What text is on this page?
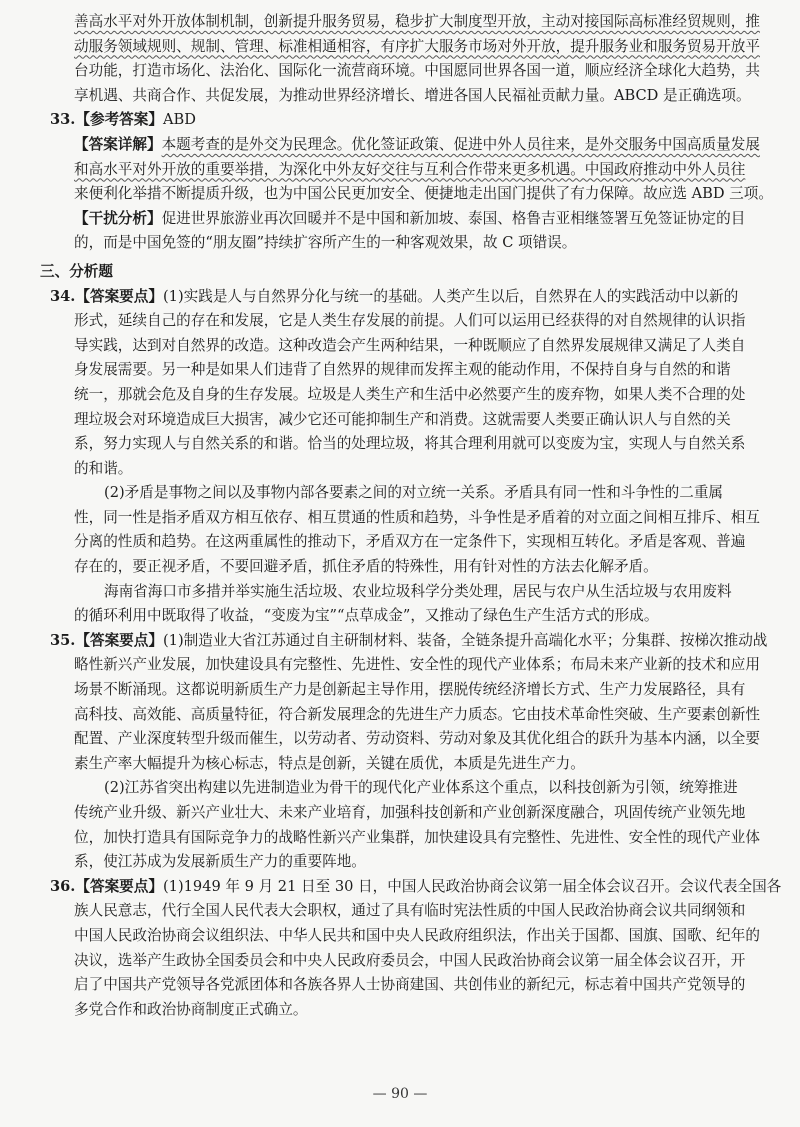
善高水平对外开放体制机制，创新提升服务贸易，稳步扩大制度型开放，主动对接国际高标准经贸规则，推
动服务领域规则、规制、管理、标准相通相容，有序扩大服务市场对外开放，提升服务业和服务贸易开放平
台功能，打造市场化、法治化、国际化一流营商环境。中国愿同世界各国一道，顺应经济全球化大趋势，共
享机遇、共商合作、共促发展，为推动世界经济增长、增进各国人民福祉贡献力量。ABCD 是正确选项。
33.【参考答案】ABD
【答案详解】本题考查的是外交为民理念。优化签证政策、促进中外人员往来，是外交服务中国高质量发展
和高水平对外开放的重要举措，为深化中外友好交往与互利合作带来更多机遇。中国政府推动中外人员往
来便利化举措不断提质升级，也为中国公民更加安全、便捷地走出国门提供了有力保障。故应选 ABD 三项。
【干扰分析】促进世界旅游业再次回暖并不是中国和新加坡、泰国、格鲁吉亚相继签署互免签证协定的目
的，而是中国免签的“朋友圈”持续扩容所产生的一种客观效果，故 C 项错误。
三、分析题
34.【答案要点】(1)实践是人与自然界分化与统一的基础。人类产生以后，自然界在人的实践活动中以新的
形式，延续自己的存在和发展，它是人类生存发展的前提。人们可以运用已经获得的对自然规律的认识指
导实践，达到对自然界的改造。这种改造会产生两种结果，一种既顺应了自然界发展规律又满足了人类自
身发展需要。另一种是如果人们违背了自然界的规律而发挥主观的能动作用，不保持自身与自然的和谐
统一，那就会危及自身的生存发展。垃圾是人类生产和生活中必然要产生的废弃物，如果人类不合理的处
理垃圾会对环境造成巨大损害，减少它还可能抑制生产和消费。这就需要人类要正确认识人与自然的关
系，努力实现人与自然关系的和谐。恰当的处理垃圾，将其合理利用就可以变废为宝，实现人与自然关系
的和谐。
(2)矛盾是事物之间以及事物内部各要素之间的对立统一关系。矛盾具有同一性和斗争性的二重属
性，同一性是指矛盾双方相互依存、相互贯通的性质和趋势，斗争性是矛盾着的对立面之间相互排斥、相互
分离的性质和趋势。在这两重属性的推动下，矛盾双方在一定条件下，实现相互转化。矛盾是客观、普遍
存在的，要正视矛盾，不要回避矛盾，抓住矛盾的特殊性，用有针对性的方法去化解矛盾。
海南省海口市多措并举实施生活垃圾、农业垃圾科学分类处理，居民与农户从生活垃圾与农用废料
的循环利用中既取得了收益，“变废为宝”“点草成金”，又推动了绿色生产生活方式的形成。
35.【答案要点】(1)制造业大省江苏通过自主研制材料、装备，全链条提升高端化水平；分集群、按梯次推动战
略性新兴产业发展，加快建设具有完整性、先进性、安全性的现代产业体系；布局未来产业新的技术和应用
场景不断涌现。这都说明新质生产力是创新起主导作用，摆脱传统经济增长方式、生产力发展路径，具有
高科技、高效能、高质量特征，符合新发展理念的先进生产力质态。它由技术革命性突破、生产要素创新性
配置、产业深度转型升级而催生，以劳动者、劳动资料、劳动对象及其优化组合的跃升为基本内涵，以全要
素生产率大幅提升为核心标志，特点是创新，关键在质优，本质是先进生产力。
(2)江苏省突出构建以先进制造业为骨干的现代化产业体系这个重点，以科技创新为引领，统筹推进
传统产业升级、新兴产业壮大、未来产业培育，加强科技创新和产业创新深度融合，巩固传统产业领先地
位，加快打造具有国际竞争力的战略性新兴产业集群，加快建设具有完整性、先进性、安全性的现代产业体
系，使江苏成为发展新质生产力的重要阵地。
36.【答案要点】(1)1949 年 9 月 21 日至 30 日，中国人民政治协商会议第一届全体会议召开。会议代表全国各
族人民意志，代行全国人民代表大会职权，通过了具有临时宪法性质的中国人民政治协商会议共同纲领和
中国人民政治协商会议组织法、中华人民共和国中央人民政府组织法，作出关于国都、国旗、国歌、纪年的
决议，选举产生政协全国委员会和中央人民政府委员会，中国人民政治协商会议第一届全体会议召开，开
启了中国共产党领导各党派团体和各族各界人士协商建国、共创伟业的新纪元，标志着中国共产党领导的
多党合作和政治协商制度正式确立。
— 90 —
